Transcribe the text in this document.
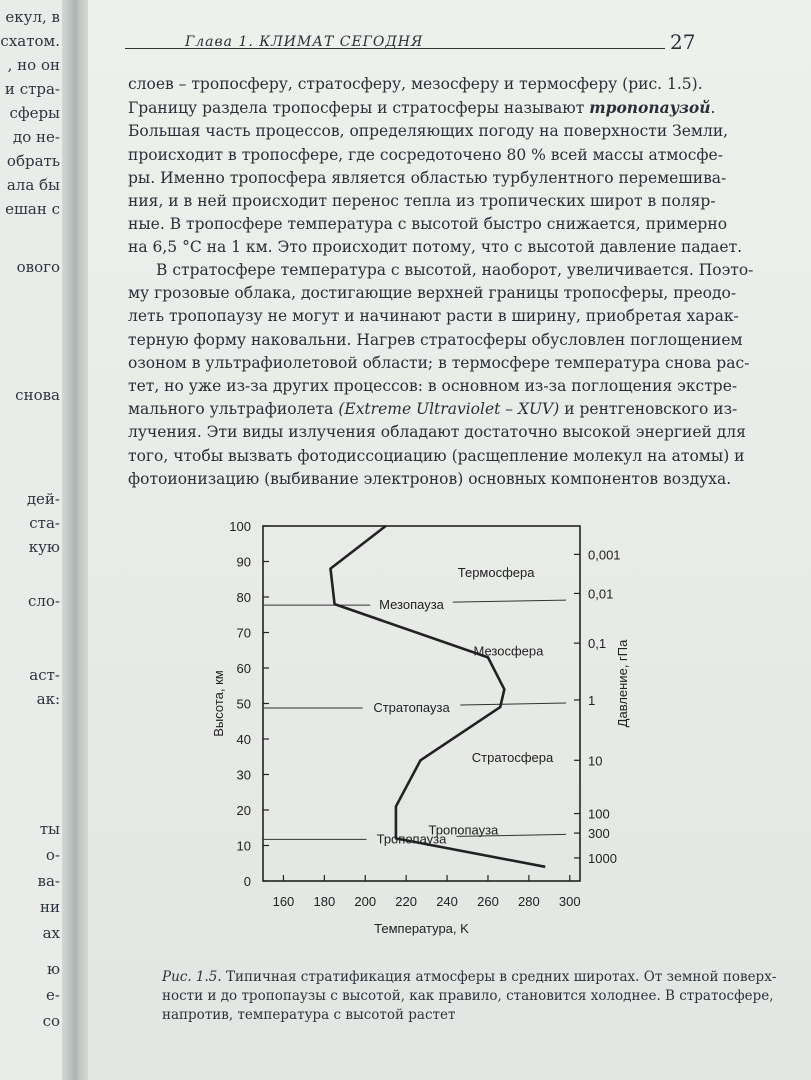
екул, в
схатом.
, но он
и стра-
сферы
до не-
обрать
ала бы
ешан с
ового
снова
дей-
ста-
кую
сло-
аст-
ак:
ты
о-
ва-
ни
ах
ю
е-
со
Глава 1. КЛИМАТ СЕГОДНЯ	27
слоев – тропосферу, стратосферу, мезосферу и термосферу (рис. 1.5).
Границу раздела тропосферы и стратосферы называют тропопаузой.
Большая часть процессов, определяющих погоду на поверхности Земли,
происходит в тропосфере, где сосредоточено 80 % всей массы атмосфе-
ры. Именно тропосфера является областью турбулентного перемешива-
ния, и в ней происходит перенос тепла из тропических широт в поляр-
ные. В тропосфере температура с высотой быстро снижается, примерно
на 6,5 °С на 1 км. Это происходит потому, что с высотой давление падает.
В стратосфере температура с высотой, наоборот, увеличивается. Поэто-
му грозовые облака, достигающие верхней границы тропосферы, преодо-
леть тропопаузу не могут и начинают расти в ширину, приобретая харак-
терную форму наковальни. Нагрев стратосферы обусловлен поглощением
озоном в ультрафиолетовой области; в термосфере температура снова рас-
тет, но уже из-за других процессов: в основном из-за поглощения экстре-
мального ультрафиолета (Extreme Ultraviolet – XUV) и рентгеновского из-
лучения. Эти виды излучения обладают достаточно высокой энергией для
того, чтобы вызвать фотодиссоциацию (расщепление молекул на атомы) и
фотоионизацию (выбивание электронов) основных компонентов воздуха.
160 180 200 220 240 260 280 300
0
10
20
30
40
50
60
70
80
90
100
0,001
0,01
0,1
1
10
100
300
1000
Температура, K
Высота, км	Давление, гПа
Мезопауза
Стратопауза
Тропопауза
Термосфера
Мезосфера
Стратосфера
Тропопауза
Рис. 1.5. Типичная стратификация атмосферы в средних широтах. От земной поверх-
ности и до тропопаузы с высотой, как правило, становится холоднее. В стратосфере,
напротив, температура с высотой растет
